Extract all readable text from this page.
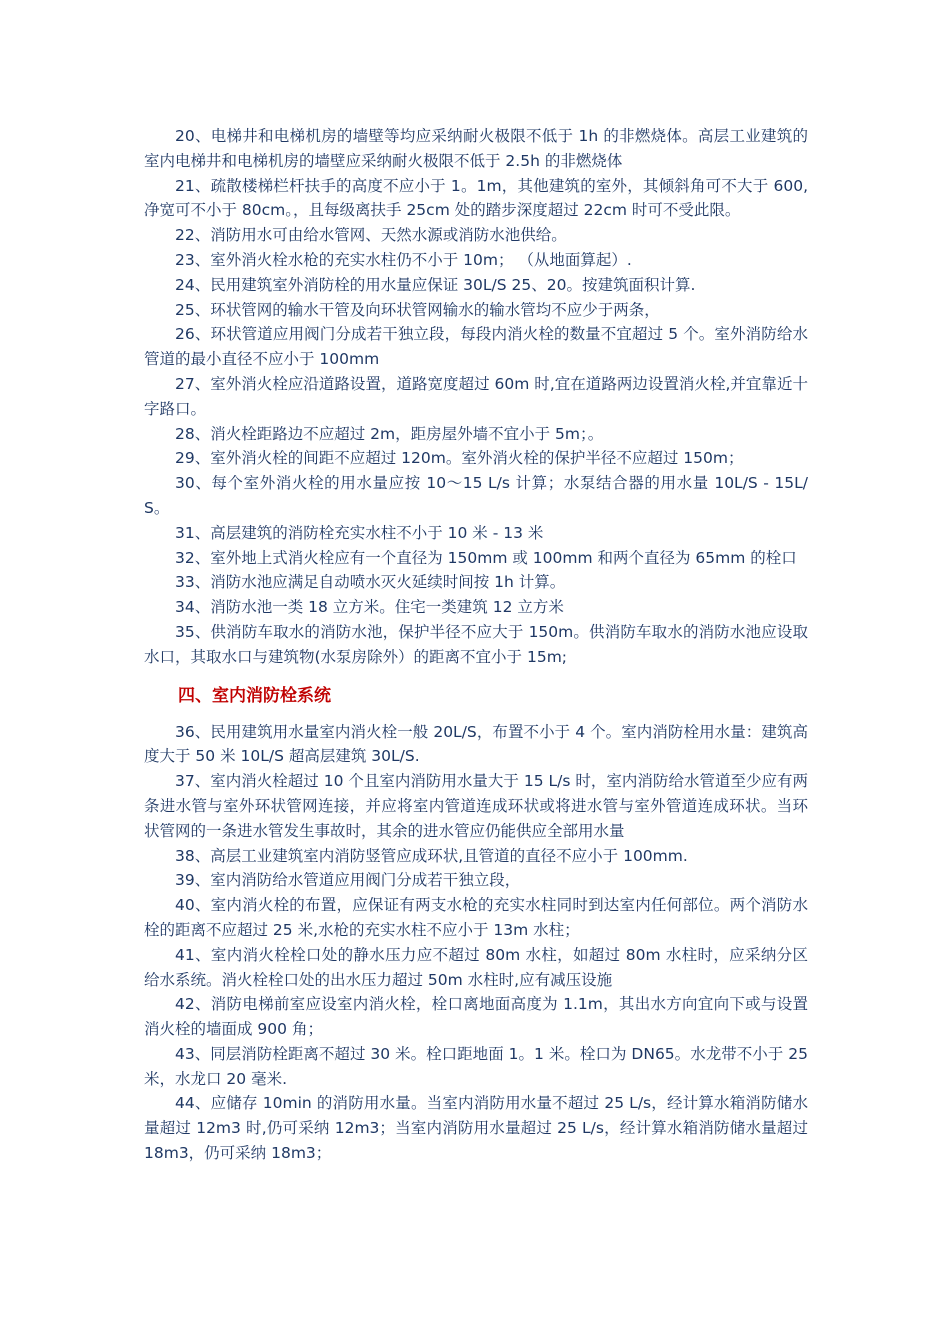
20、电梯井和电梯机房的墙壁等均应采纳耐火极限不低于 1h 的非燃烧体。高层工业建筑的室内电梯井和电梯机房的墙壁应采纳耐火极限不低于 2.5h 的非燃烧体

21、疏散楼梯栏杆扶手的高度不应小于 1。1m，其他建筑的室外，其倾斜角可不大于 600,净宽可不小于 80cm。，且每级离扶手 25cm 处的踏步深度超过 22cm 时可不受此限。

22、消防用水可由给水管网、天然水源或消防水池供给。

23、室外消火栓水枪的充实水柱仍不小于 10m； （从地面算起）.

24、民用建筑室外消防栓的用水量应保证 30L/S 25、20。按建筑面积计算.

25、环状管网的输水干管及向环状管网输水的输水管均不应少于两条，

26、环状管道应用阀门分成若干独立段，每段内消火栓的数量不宜超过 5 个。室外消防给水管道的最小直径不应小于 100mm

27、室外消火栓应沿道路设置，道路宽度超过 60m 时,宜在道路两边设置消火栓,并宜靠近十字路口。

28、消火栓距路边不应超过 2m，距房屋外墙不宜小于 5m；。

29、室外消火栓的间距不应超过 120m。室外消火栓的保护半径不应超过 150m；

30、每个室外消火栓的用水量应按 10～15 L/s 计算；水泵结合器的用水量 10L/S - 15L/S。

31、高层建筑的消防栓充实水柱不小于 10 米 - 13 米

32、室外地上式消火栓应有一个直径为 150mm 或 100mm 和两个直径为 65mm 的栓口

33、消防水池应满足自动喷水灭火延续时间按 1h 计算。

34、消防水池一类 18 立方米。住宅一类建筑 12 立方米

35、供消防车取水的消防水池，保护半径不应大于 150m。供消防车取水的消防水池应设取水口，其取水口与建筑物(水泵房除外）的距离不宜小于 15m;

四、室内消防栓系统

36、民用建筑用水量室内消火栓一般 20L/S，布置不小于 4 个。室内消防栓用水量：建筑高度大于 50 米 10L/S 超高层建筑 30L/S.

37、室内消火栓超过 10 个且室内消防用水量大于 15 L/s 时，室内消防给水管道至少应有两条进水管与室外环状管网连接，并应将室内管道连成环状或将进水管与室外管道连成环状。当环状管网的一条进水管发生事故时，其余的进水管应仍能供应全部用水量

38、高层工业建筑室内消防竖管应成环状,且管道的直径不应小于 100mm.

39、室内消防给水管道应用阀门分成若干独立段，

40、室内消火栓的布置，应保证有两支水枪的充实水柱同时到达室内任何部位。两个消防水栓的距离不应超过 25 米,水枪的充实水柱不应小于 13m 水柱；

41、室内消火栓栓口处的静水压力应不超过 80m 水柱，如超过 80m 水柱时，应采纳分区给水系统。消火栓栓口处的出水压力超过 50m 水柱时,应有减压设施

42、消防电梯前室应设室内消火栓，栓口离地面高度为 1.1m，其出水方向宜向下或与设置消火栓的墙面成 900 角；

43、同层消防栓距离不超过 30 米。栓口距地面 1。1 米。栓口为 DN65。水龙带不小于 25 米，水龙口 20 毫米.

44、应储存 10min 的消防用水量。当室内消防用水量不超过 25 L/s，经计算水箱消防储水量超过 12m3 时,仍可采纳 12m3；当室内消防用水量超过 25 L/s，经计算水箱消防储水量超过 18m3，仍可采纳 18m3；
